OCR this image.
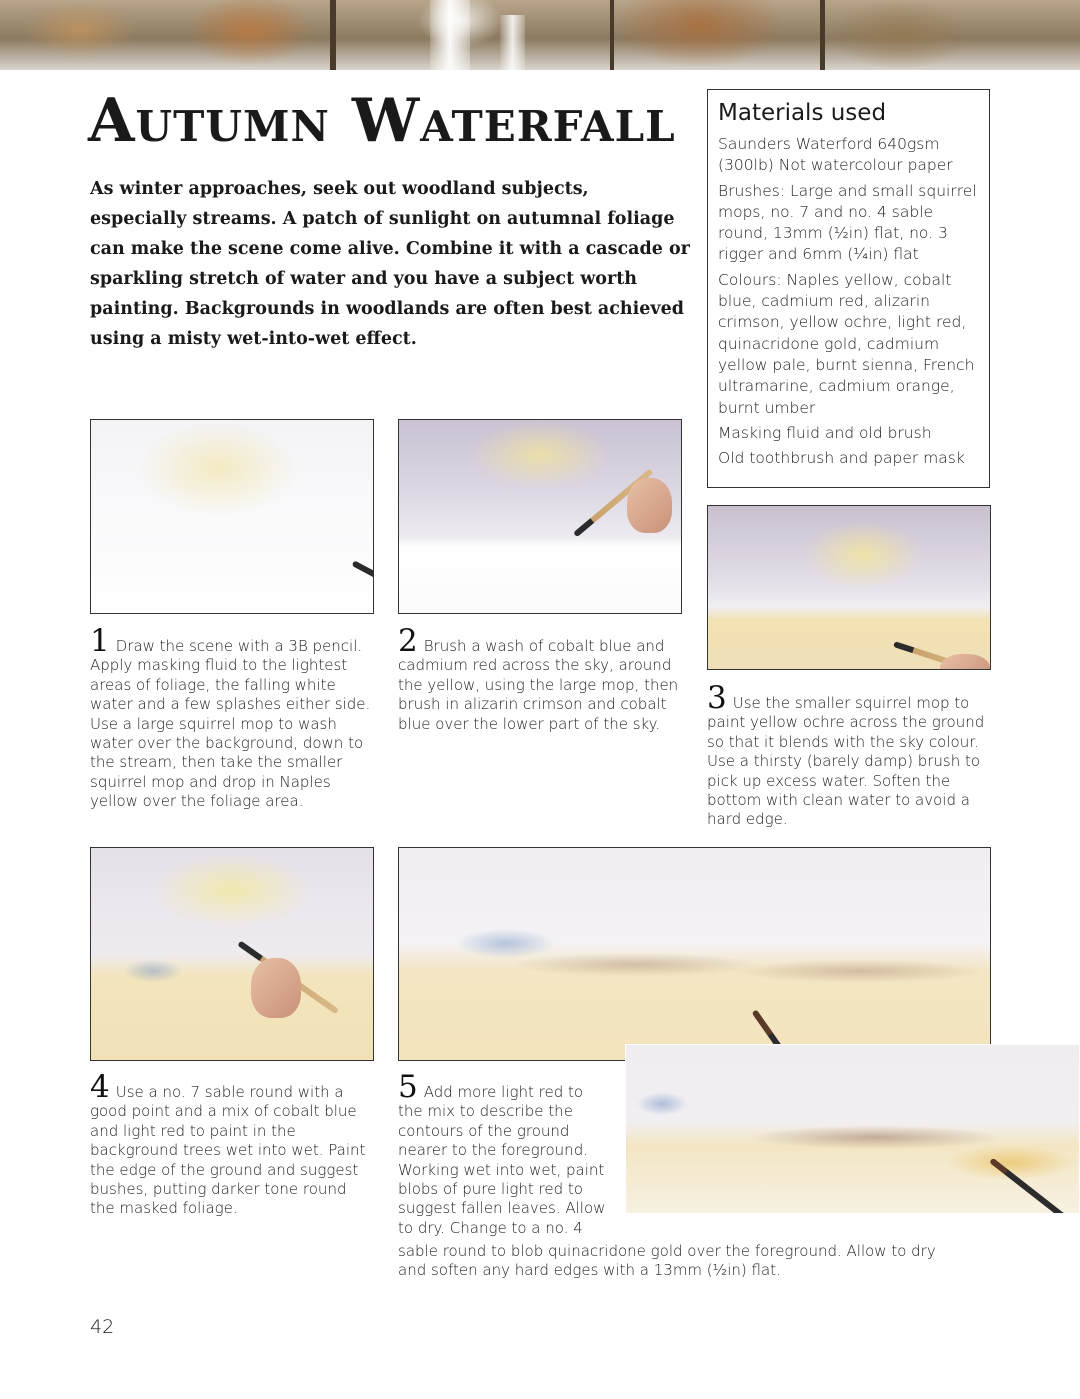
Autumn Waterfall

As winter approaches, seek out woodland subjects, especially streams. A patch of sunlight on autumnal foliage can make the scene come alive. Combine it with a cascade or sparkling stretch of water and you have a subject worth painting. Backgrounds in woodlands are often best achieved using a misty wet-into-wet effect.

Materials used

Saunders Waterford 640gsm (300lb) Not watercolour paper

Brushes: Large and small squirrel mops, no. 7 and no. 4 sable round, 13mm (½in) flat, no. 3 rigger and 6mm (¼in) flat

Colours: Naples yellow, cobalt blue, cadmium red, alizarin crimson, yellow ochre, light red, quinacridone gold, cadmium yellow pale, burnt sienna, French ultramarine, cadmium orange, burnt umber

Masking fluid and old brush

Old toothbrush and paper mask

1 Draw the scene with a 3B pencil. Apply masking fluid to the lightest areas of foliage, the falling white water and a few splashes either side. Use a large squirrel mop to wash water over the background, down to the stream, then take the smaller squirrel mop and drop in Naples yellow over the foliage area.

2 Brush a wash of cobalt blue and cadmium red across the sky, around the yellow, using the large mop, then brush in alizarin crimson and cobalt blue over the lower part of the sky.

3 Use the smaller squirrel mop to paint yellow ochre across the ground so that it blends with the sky colour. Use a thirsty (barely damp) brush to pick up excess water. Soften the bottom with clean water to avoid a hard edge.

4 Use a no. 7 sable round with a good point and a mix of cobalt blue and light red to paint in the background trees wet into wet. Paint the edge of the ground and suggest bushes, putting darker tone round the masked foliage.

5 Add more light red to the mix to describe the contours of the ground nearer to the foreground. Working wet into wet, paint blobs of pure light red to suggest fallen leaves. Allow to dry. Change to a no. 4

sable round to blob quinacridone gold over the foreground. Allow to dry and soften any hard edges with a 13mm (½in) flat.

42
